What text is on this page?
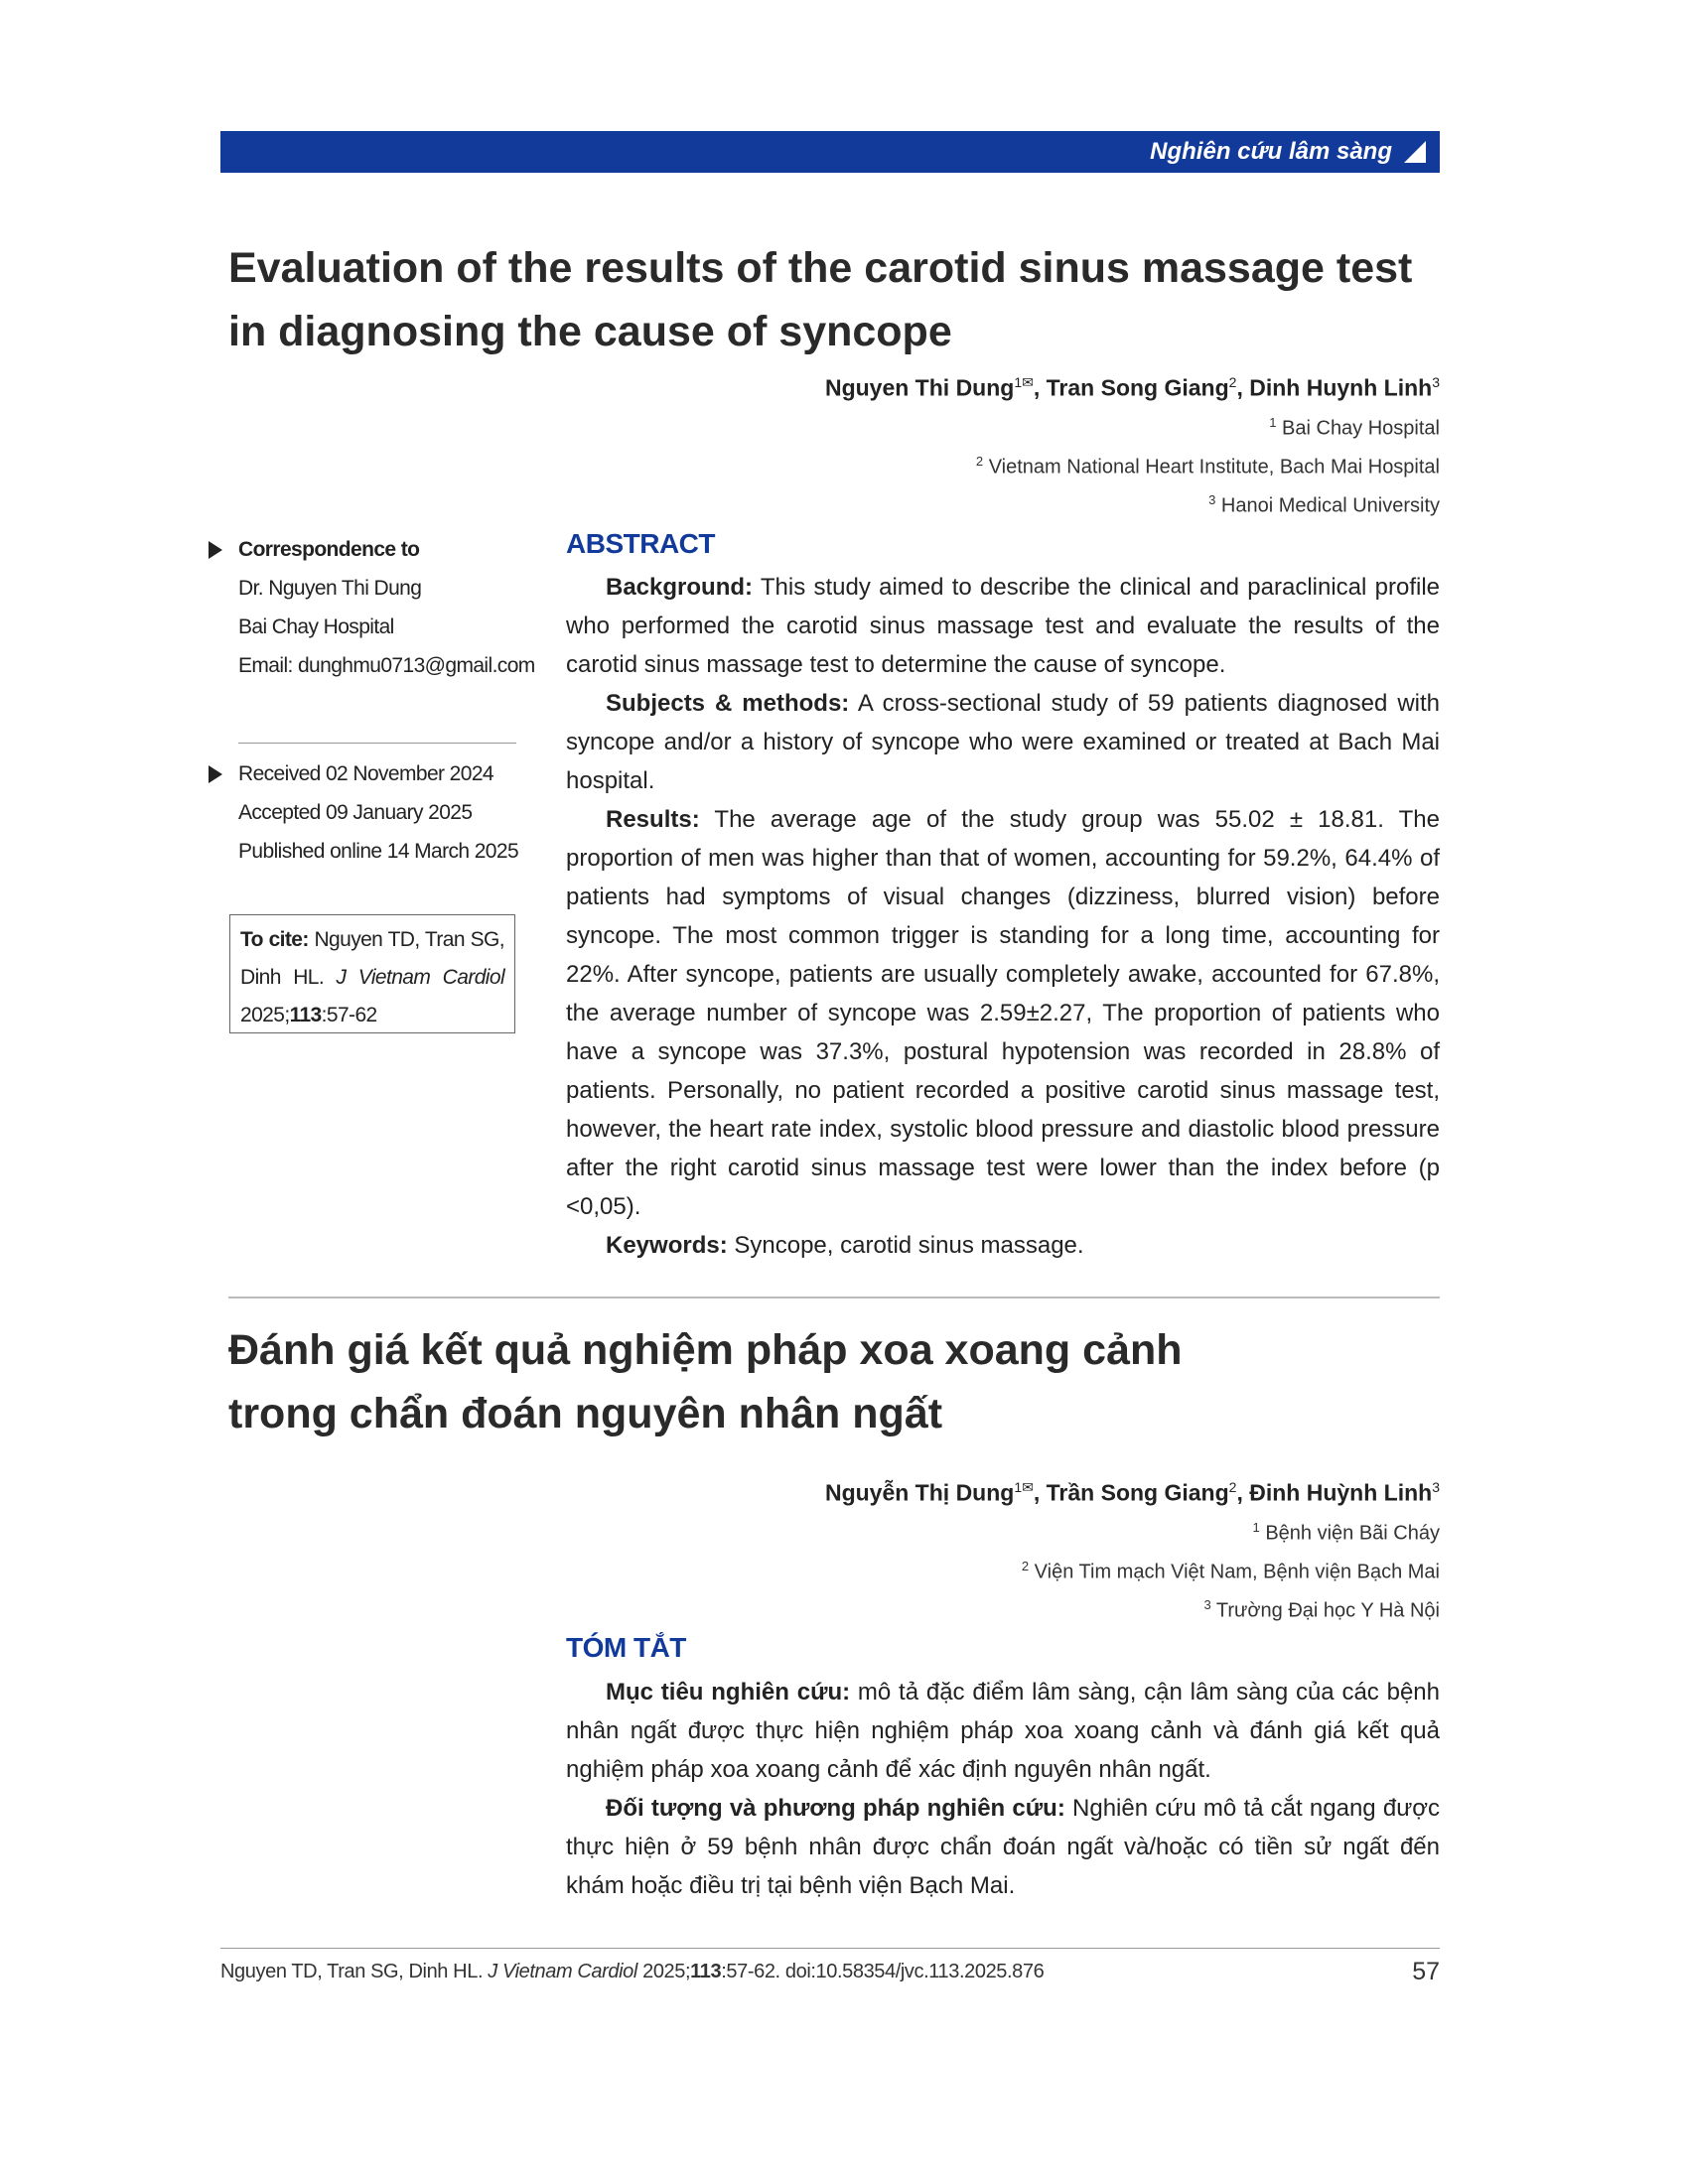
Nghiên cứu lâm sàng
Evaluation of the results of the carotid sinus massage test
in diagnosing the cause of syncope
Nguyen Thi Dung$^{1✉}$, Tran Song Giang$^2$, Dinh Huynh Linh$^3$
$^1$ Bai Chay Hospital
$^2$ Vietnam National Heart Institute, Bach Mai Hospital
$^3$ Hanoi Medical University
Correspondence to
Dr. Nguyen Thi Dung
Bai Chay Hospital
Email: dunghmu0713@gmail.com
Received 02 November 2024
Accepted 09 January 2025
Published online 14 March 2025
To cite: Nguyen TD, Tran SG, Dinh HL. J Vietnam Cardiol 2025;113:57-62
ABSTRACT

Background: This study aimed to describe the clinical and paraclinical profile who performed the carotid sinus massage test and evaluate the results of the carotid sinus massage test to determine the cause of syncope.

Subjects & methods: A cross-sectional study of 59 patients diagnosed with syncope and/or a history of syncope who were examined or treated at Bach Mai hospital.

Results: The average age of the study group was 55.02 ± 18.81. The proportion of men was higher than that of women, accounting for 59.2%, 64.4% of patients had symptoms of visual changes (dizziness, blurred vision) before syncope. The most common trigger is standing for a long time, accounting for 22%. After syncope, patients are usually completely awake, accounted for 67.8%, the average number of syncope was 2.59±2.27, The proportion of patients who have a syncope was 37.3%, postural hypotension was recorded in 28.8% of patients. Personally, no patient recorded a positive carotid sinus massage test, however, the heart rate index, systolic blood pressure and diastolic blood pressure after the right carotid sinus massage test were lower than the index before (p <0,05).

Keywords: Syncope, carotid sinus massage.

Đánh giá kết quả nghiệm pháp xoa xoang cảnh
trong chẩn đoán nguyên nhân ngất
Nguyễn Thị Dung$^{1✉}$, Trần Song Giang$^2$, Đinh Huỳnh Linh$^3$
$^1$ Bệnh viện Bãi Cháy
$^2$ Viện Tim mạch Việt Nam, Bệnh viện Bạch Mai
$^3$ Trường Đại học Y Hà Nội
TÓM TẮT

Mục tiêu nghiên cứu: mô tả đặc điểm lâm sàng, cận lâm sàng của các bệnh nhân ngất được thực hiện nghiệm pháp xoa xoang cảnh và đánh giá kết quả nghiệm pháp xoa xoang cảnh để xác định nguyên nhân ngất.

Đối tượng và phương pháp nghiên cứu: Nghiên cứu mô tả cắt ngang được thực hiện ở 59 bệnh nhân được chẩn đoán ngất và/hoặc có tiền sử ngất đến khám hoặc điều trị tại bệnh viện Bạch Mai.

Nguyen TD, Tran SG, Dinh HL. J Vietnam Cardiol 2025;113:57-62. doi:10.58354/jvc.113.2025.876	57
